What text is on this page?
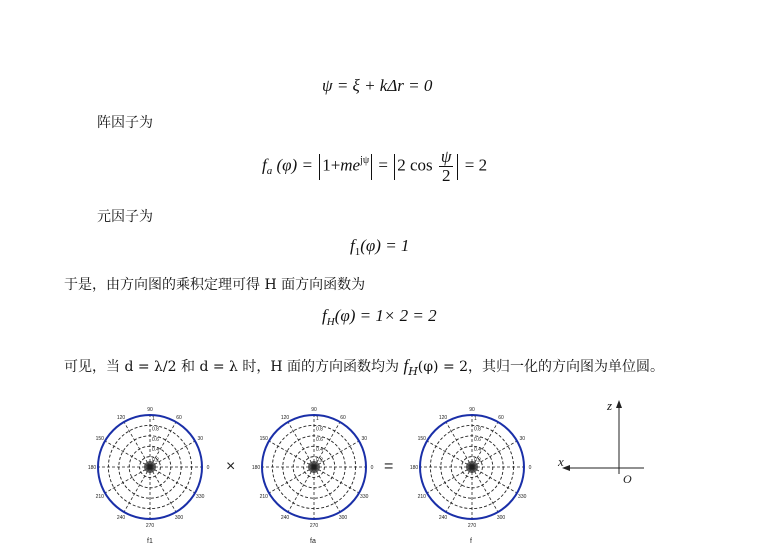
ψ = ξ + kΔr = 0
阵因子为
$f_a$ $(\varphi) = 1+me^{j\psi} = 2$ $\cos \frac{\psi}{2} = 2$
元因子为
$f_1(\varphi) = 1$
于是，由方向图的乘积定理可得 H 面方向函数为
$f_H(\varphi) = 1\times 2 = 2$
可见，当 d = λ/2 和 d = λ 时，H 面的方向函数均为 $f_H(\varphi) = 2$，其归一化的方向图为单位圆。
90
60
30
0
330
300
270
240
210
180
150
120
0.2
0.4
0.6
0.8
1
90
60
30
0
330
300
270
240
210
180
150
120
0.2
0.4
0.6
0.8
1
90
60
30
0
330
300
270
240
210
180
150
120
0.2
0.4
0.6
0.8
1
f1	fa	f
×	=
z
x
O
